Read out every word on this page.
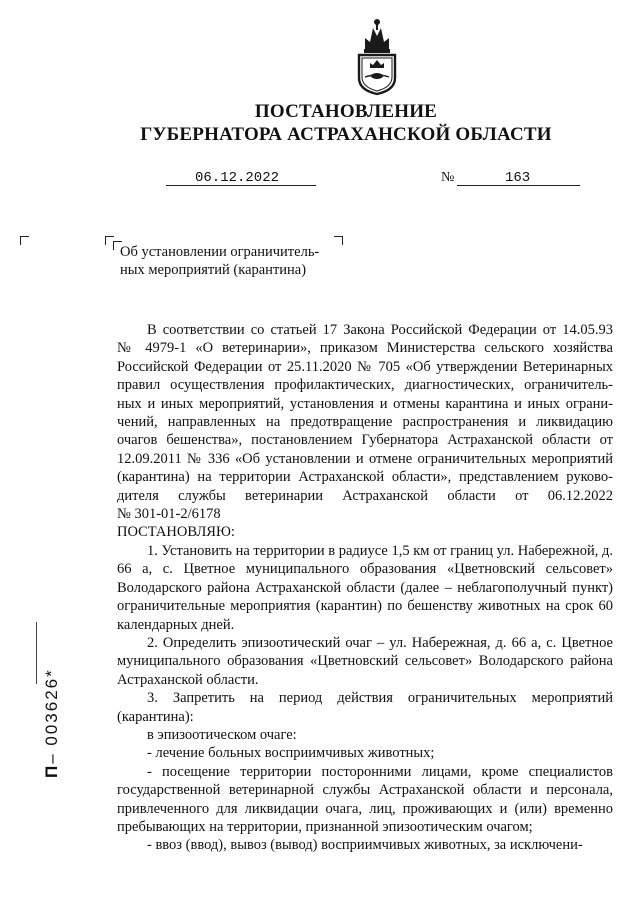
ПОСТАНОВЛЕНИЕ
ГУБЕРНАТОРА АСТРАХАНСКОЙ ОБЛАСТИ
06.12.2022	№	163
Об установлении ограничитель-
ных мероприятий (карантина)

В соответствии со статьей 17 Закона Российской Федерации от 14.05.93

№ 4979-1 «О ветеринарии», приказом Министерства сельского хозяйства

Российской Федерации от 25.11.2020 № 705 «Об утверждении Ветеринарных

правил осуществления профилактических, диагностических, ограничитель-

ных и иных мероприятий, установления и отмены карантина и иных ограни-

чений, направленных на предотвращение распространения и ликвидацию

очагов бешенства», постановлением Губернатора Астраханской области от

12.09.2011 № 336 «Об установлении и отмене ограничительных мероприятий

(карантина) на территории Астраханской области», представлением руково-

дителя службы ветеринарии Астраханской области от 06.12.2022

№ 301-01-2/6178

ПОСТАНОВЛЯЮ:

1. Установить на территории в радиусе 1,5 км от границ ул. Набережной, д. 66 а, с. Цветное муниципального образования «Цветновский сельсовет» Володарского района Астраханской области (далее – неблагополучный пункт) ограничительные мероприятия (карантин) по бешенству животных на срок 60 календарных дней.

2. Определить эпизоотический очаг – ул. Набережная, д. 66 а, с. Цветное муниципального образования «Цветновский сельсовет» Володарского района Астраханской области.

3. Запретить на период действия ограничительных мероприятий (карантина):

в эпизоотическом очаге:

- лечение больных восприимчивых животных;

- посещение территории посторонними лицами, кроме специалистов государственной ветеринарной службы Астраханской области и персонала, привлеченного для ликвидации очага, лиц, проживающих и (или) временно пребывающих на территории, признанной эпизоотическим очагом;

- ввоз (ввод), вывоз (вывод) восприимчивых животных, за исключени-

П– 003626*
